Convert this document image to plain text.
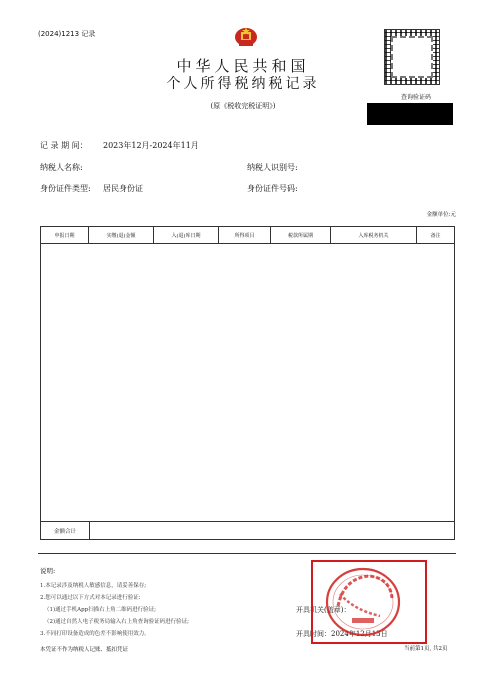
(2024)1213 记录
中华人民共和国
个人所得税纳税记录
(原《税收完税证明》)
查询验证码
记 录 期 间： 2023年12月-2024年11月
纳税人名称:	纳税人识别号:
身份证件类型: 居民身份证	身份证件号码:
金额单位:元
申报日期	实缴(退)金额	入(退)库日期	所得项目	税款所属期	入库税务机关	备注
金额合计
说明:
1.本记录涉及纳税人敏感信息，请妥善保存;
2.您可以通过以下方式对本记录进行验证:
（1)通过手机App扫描右上角二维码进行验证;
（2)通过自然人电子税务局输入右上角查询验证码进行验证;
3.不同打印设备造成的色差不影响使用效力。
本凭证不作为纳税人记账、抵扣凭证
开具机关(盖章)：
开具时间：2024年12月13日
当前第1页, 共2页
